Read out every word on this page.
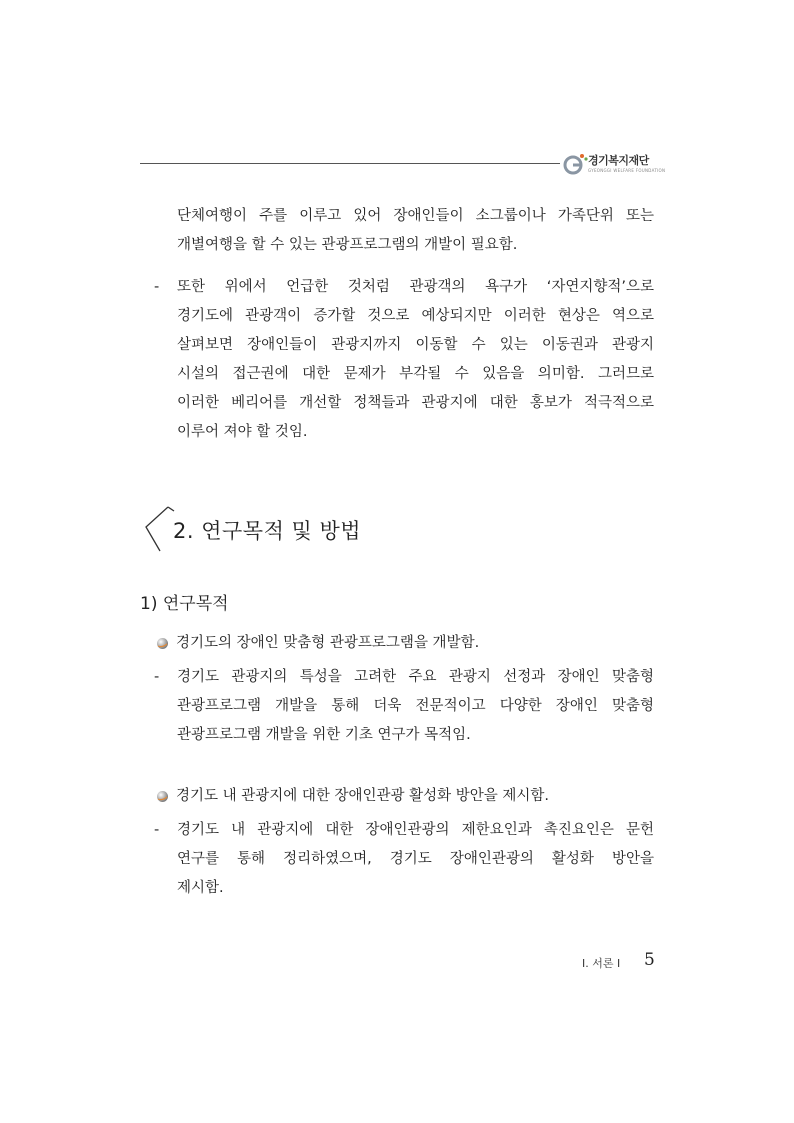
경기복지재단
GYEONGGI WELFARE FOUNDATION
단체여행이 주를 이루고 있어 장애인들이 소그룹이나 가족단위 또는
개별여행을 할 수 있는 관광프로그램의 개발이 필요함.
- 또한 위에서 언급한 것처럼 관광객의 욕구가 ‘자연지향적’으로
경기도에 관광객이 증가할 것으로 예상되지만 이러한 현상은 역으로
살펴보면 장애인들이 관광지까지 이동할 수 있는 이동권과 관광지
시설의 접근권에 대한 문제가 부각될 수 있음을 의미함. 그러므로
이러한 베리어를 개선할 정책들과 관광지에 대한 홍보가 적극적으로
이루어 져야 할 것임.
2. 연구목적 및 방법
1) 연구목적
경기도의 장애인 맞춤형 관광프로그램을 개발함.
- 경기도 관광지의 특성을 고려한 주요 관광지 선정과 장애인 맞춤형
관광프로그램 개발을 통해 더욱 전문적이고 다양한 장애인 맞춤형
관광프로그램 개발을 위한 기초 연구가 목적임.
경기도 내 관광지에 대한 장애인관광 활성화 방안을 제시함.
- 경기도 내 관광지에 대한 장애인관광의 제한요인과 촉진요인은 문헌
연구를 통해 정리하였으며, 경기도 장애인관광의 활성화 방안을
제시함.
Ⅰ. 서론 Ⅰ 5
